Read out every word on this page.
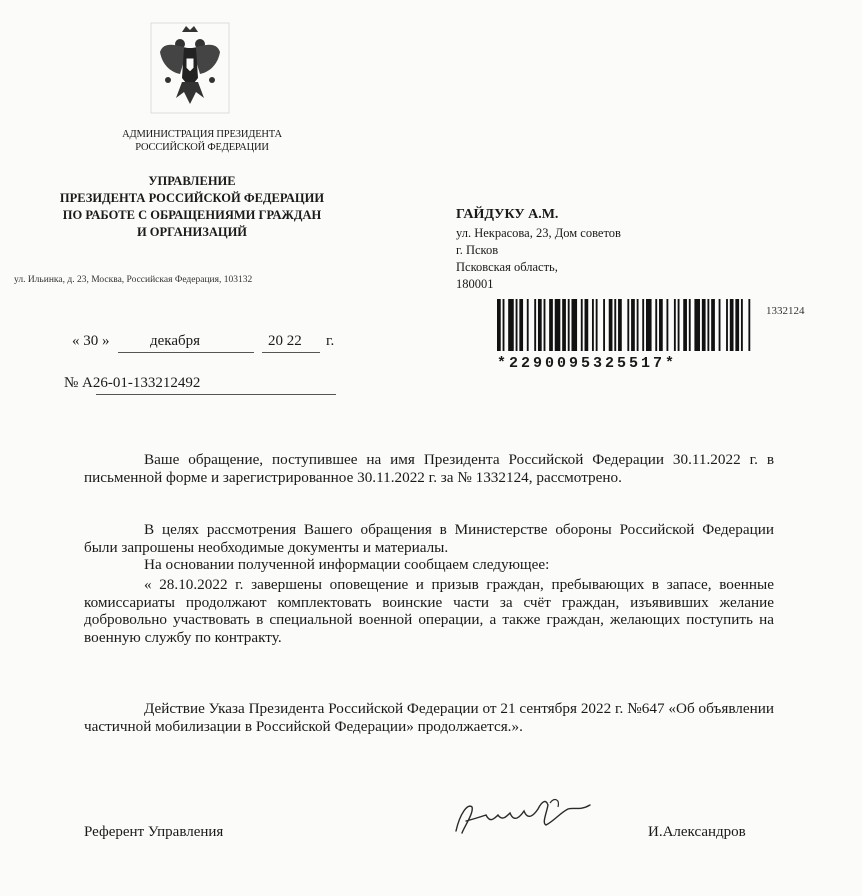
АДМИНИСТРАЦИЯ ПРЕЗИДЕНТА
РОССИЙСКОЙ ФЕДЕРАЦИИ
УПРАВЛЕНИЕ
ПРЕЗИДЕНТА РОССИЙСКОЙ ФЕДЕРАЦИИ
ПО РАБОТЕ С ОБРАЩЕНИЯМИ ГРАЖДАН
И ОРГАНИЗАЦИЙ
ул. Ильинка, д. 23, Москва, Российская Федерация, 103132
« 30 »	декабря	20 22 г.
№ А26-01-133212492
ГАЙДУКУ А.М.
ул. Некрасова, 23, Дом советов
г. Псков
Псковская область,
180001
*2290095325517*
1332124
Ваше обращение, поступившее на имя Президента Российской Федерации 30.11.2022 г. в письменной форме и зарегистрированное 30.11.2022 г. за № 1332124, рассмотрено.
В целях рассмотрения Вашего обращения в Министерстве обороны Российской Федерации были запрошены необходимые документы и материалы.
На основании полученной информации сообщаем следующее:
« 28.10.2022 г. завершены оповещение и призыв граждан, пребывающих в запасе, военные комиссариаты продолжают комплектовать воинские части за счёт граждан, изъявивших желание добровольно участвовать в специальной военной операции, а также граждан, желающих поступить на военную службу по контракту.
Действие Указа Президента Российской Федерации от 21 сентября 2022 г. №647 «Об объявлении частичной мобилизации в Российской Федерации» продолжается.».
Референт Управления	И.Александров
